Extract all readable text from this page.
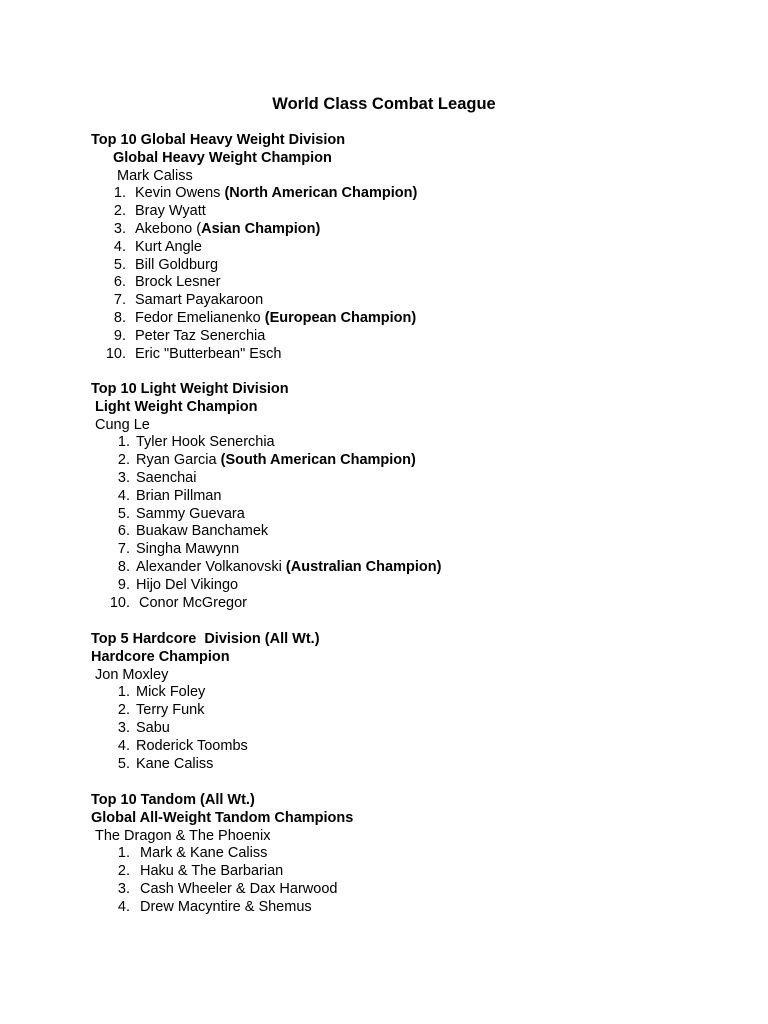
World Class Combat League
Top 10 Global Heavy Weight Division
Global Heavy Weight Champion
Mark Caliss
1. Kevin Owens (North American Champion)
2. Bray Wyatt
3. Akebono (Asian Champion)
4. Kurt Angle
5. Bill Goldburg
6. Brock Lesner
7. Samart Payakaroon
8. Fedor Emelianenko (European Champion)
9. Peter Taz Senerchia
10. Eric "Butterbean" Esch
Top 10 Light Weight Division
Light Weight Champion
Cung Le
1. Tyler Hook Senerchia
2. Ryan Garcia (South American Champion)
3. Saenchai
4. Brian Pillman
5. Sammy Guevara
6. Buakaw Banchamek
7. Singha Mawynn
8. Alexander Volkanovski (Australian Champion)
9. Hijo Del Vikingo
10. Conor McGregor
Top 5 Hardcore  Division (All Wt.)
Hardcore Champion
Jon Moxley
1. Mick Foley
2. Terry Funk
3. Sabu
4. Roderick Toombs
5. Kane Caliss
Top 10 Tandom (All Wt.)
Global All-Weight Tandom Champions
The Dragon & The Phoenix
1. Mark & Kane Caliss
2. Haku & The Barbarian
3. Cash Wheeler & Dax Harwood
4. Drew Macyntire & Shemus
